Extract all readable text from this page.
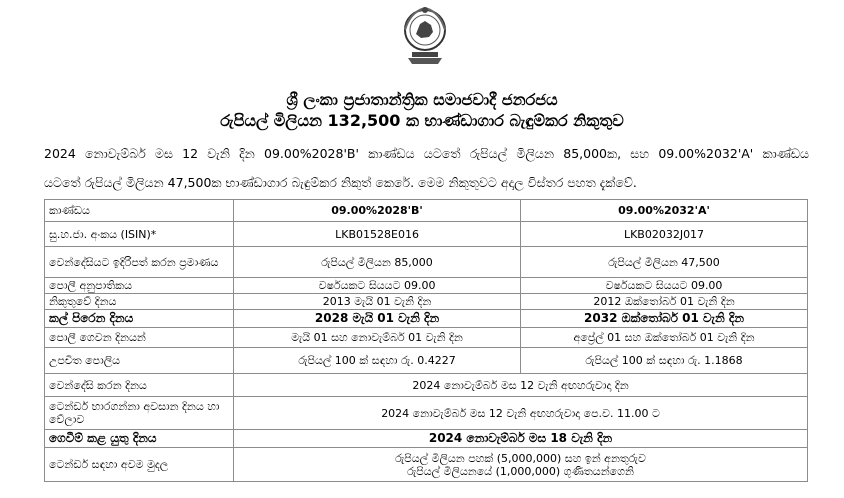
ශ්‍රී ලංකා ප්‍රජාතාන්ත්‍රික සමාජවාදී ජනරජය
රුපියල් මිලියන 132,500 ක භාණ්ඩාගාර බැඳුම්කර නිකුතුව
2024 නොවැම්බර් මස 12 වැනි දින 09.00%2028'B' කාණ්ඩය යටතේ රුපියල් මිලියන 85,000ක, සහ 09.00%2032'A' කාණ්ඩය
යටතේ රුපියල් මිලියන 47,500ක භාණ්ඩාගාර බැඳුම්කර නිකුත් කෙරේ. මෙම නිකුතුවට අදාල විස්තර පහත දැක්වේ.
කාණ්ඩය	09.00%2028'B'	09.00%2032'A'
සු.හ.ජා. අංකය (ISIN)*	LKB01528E016	LKB02032J017
වෙන්දේසියට ඉදිරිපත් කරන ප්‍රමාණය	රුපියල් මිලියන 85,000	රුපියල් මිලියන 47,500
පොලී අනුපාතිකය	වර්ෂයකට සියයට 09.00	වර්ෂයකට සියයට 09.00
නිකුතුවේ දිනය	2013 මැයි 01 වැනි දින	2012 ඔක්තෝබර් 01 වැනි දින
කල් පිරෙන දිනය	2028 මැයි 01 වැනි දින	2032 ඔක්තෝබර් 01 වැනි දින
පොලී ගෙවන දිනයන්	මැයි 01 සහ නොවැම්බර් 01 වැනි දින	අප්‍රේල් 01 සහ ඔක්තෝබර් 01 වැනි දින
උපචිත පොලිය	රුපියල් 100 ක් සඳහා රු. 0.4227	රුපියල් 100 ක් සඳහා රු. 1.1868
වෙන්දේසි කරන දිනය	2024 නොවැම්බර් මස 12 වැනි අඟහරුවාදා දින	
ටෙන්ඩර් භාරගන්නා අවසාන දිනය හා වේලාව	2024 නොවැම්බර් මස 12 වැනි අඟහරුවාදා පෙ.ව. 11.00 ට	
ගෙවීම් කළ යුතු දිනය	2024 නොවැම්බර් මස 18 වැනි දින	
ටෙන්ඩර් සඳහා අවම මුදල	රුපියල් මිලියන පහක් (5,000,000) සහ ඉන් අනතුරුව
රුපියල් මිලියනයේ (1,000,000) ගුණිතයන්ගෙනි	
